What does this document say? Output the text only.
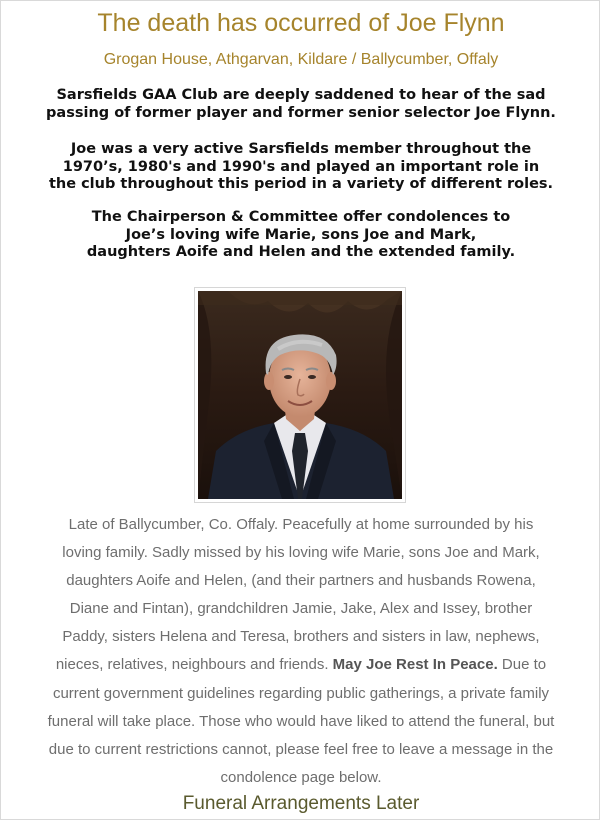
The death has occurred of Joe Flynn
Grogan House, Athgarvan, Kildare / Ballycumber, Offaly

Sarsfields GAA Club are deeply saddened to hear of the sad
passing of former player and former senior selector Joe Flynn.

Joe was a very active Sarsfields member throughout the
1970’s, 1980's and 1990's and played an important role in
the club throughout this period in a variety of different roles.

The Chairperson & Committee offer condolences to
Joe’s loving wife Marie, sons Joe and Mark,
daughters Aoife and Helen and the extended family.

Late of Ballycumber, Co. Offaly. Peacefully at home surrounded by his
loving family. Sadly missed by his loving wife Marie, sons Joe and Mark,
daughters Aoife and Helen, (and their partners and husbands Rowena,
Diane and Fintan), grandchildren Jamie, Jake, Alex and Issey, brother
Paddy, sisters Helena and Teresa, brothers and sisters in law, nephews,
nieces, relatives, neighbours and friends. May Joe Rest In Peace. Due to
current government guidelines regarding public gatherings, a private family
funeral will take place. Those who would have liked to attend the funeral, but
due to current restrictions cannot, please feel free to leave a message in the
condolence page below.

Funeral Arrangements Later
